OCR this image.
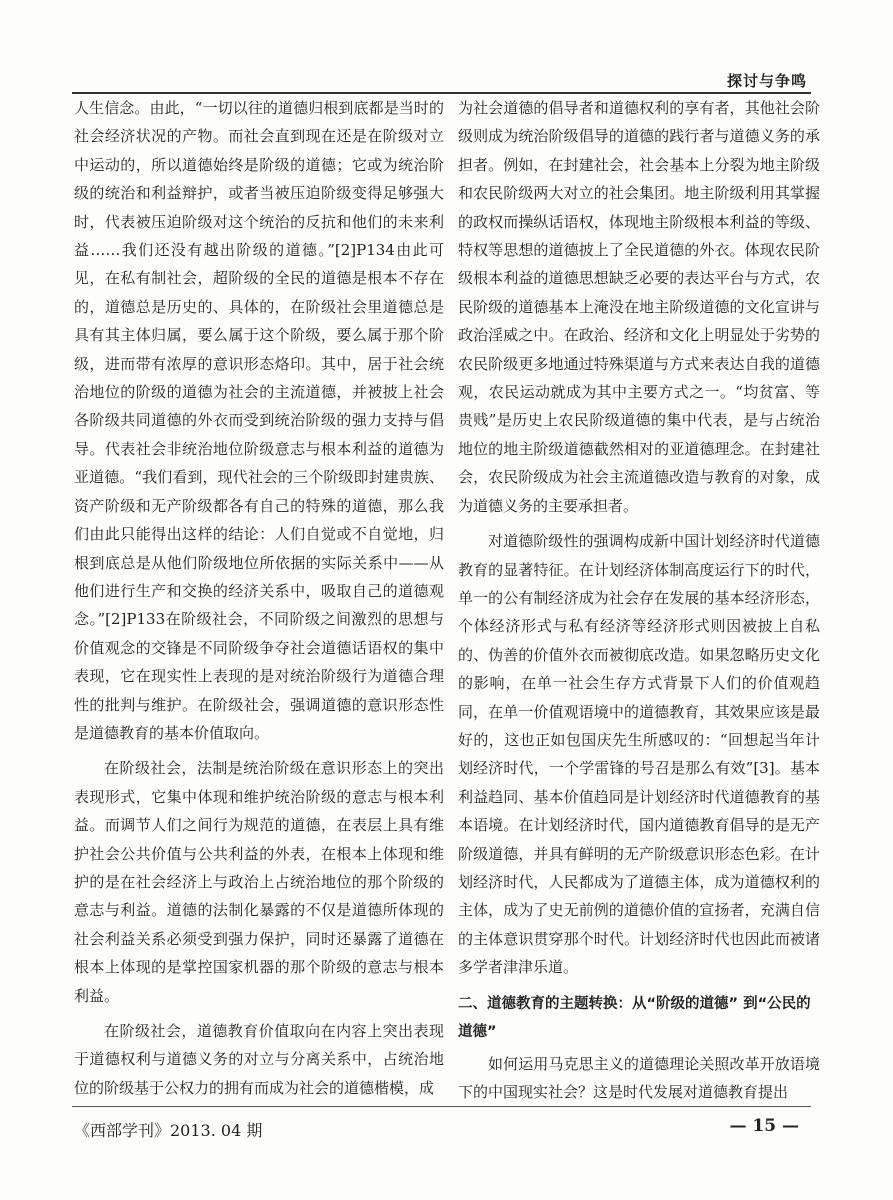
探讨与争鸣

人生信念。由此，“一切以往的道德归根到底都是当时的社会经济状况的产物。而社会直到现在还是在阶级对立中运动的，所以道德始终是阶级的道德；它或为统治阶级的统治和利益辩护，或者当被压迫阶级变得足够强大时，代表被压迫阶级对这个统治的反抗和他们的未来利益……我们还没有越出阶级的道德。”[2]P134由此可见，在私有制社会，超阶级的全民的道德是根本不存在的，道德总是历史的、具体的，在阶级社会里道德总是具有其主体归属，要么属于这个阶级，要么属于那个阶级，进而带有浓厚的意识形态烙印。其中，居于社会统治地位的阶级的道德为社会的主流道德，并被披上社会各阶级共同道德的外衣而受到统治阶级的强力支持与倡导。代表社会非统治地位阶级意志与根本利益的道德为亚道德。“我们看到，现代社会的三个阶级即封建贵族、资产阶级和无产阶级都各有自己的特殊的道德，那么我们由此只能得出这样的结论：人们自觉或不自觉地，归根到底总是从他们阶级地位所依据的实际关系中——从他们进行生产和交换的经济关系中，吸取自己的道德观念。”[2]P133在阶级社会，不同阶级之间激烈的思想与价值观念的交锋是不同阶级争夺社会道德话语权的集中表现，它在现实性上表现的是对统治阶级行为道德合理性的批判与维护。在阶级社会，强调道德的意识形态性是道德教育的基本价值取向。

在阶级社会，法制是统治阶级在意识形态上的突出表现形式，它集中体现和维护统治阶级的意志与根本利益。而调节人们之间行为规范的道德，在表层上具有维护社会公共价值与公共利益的外表，在根本上体现和维护的是在社会经济上与政治上占统治地位的那个阶级的意志与利益。道德的法制化暴露的不仅是道德所体现的社会利益关系必须受到强力保护，同时还暴露了道德在根本上体现的是掌控国家机器的那个阶级的意志与根本利益。

在阶级社会，道德教育价值取向在内容上突出表现于道德权利与道德义务的对立与分离关系中，占统治地位的阶级基于公权力的拥有而成为社会的道德楷模，成

为社会道德的倡导者和道德权利的享有者，其他社会阶级则成为统治阶级倡导的道德的践行者与道德义务的承担者。例如，在封建社会，社会基本上分裂为地主阶级和农民阶级两大对立的社会集团。地主阶级利用其掌握的政权而操纵话语权，体现地主阶级根本利益的等级、特权等思想的道德披上了全民道德的外衣。体现农民阶级根本利益的道德思想缺乏必要的表达平台与方式，农民阶级的道德基本上淹没在地主阶级道德的文化宣讲与政治淫威之中。在政治、经济和文化上明显处于劣势的农民阶级更多地通过特殊渠道与方式来表达自我的道德观，农民运动就成为其中主要方式之一。“均贫富、等贵贱”是历史上农民阶级道德的集中代表，是与占统治地位的地主阶级道德截然相对的亚道德理念。在封建社会，农民阶级成为社会主流道德改造与教育的对象，成为道德义务的主要承担者。

对道德阶级性的强调构成新中国计划经济时代道德教育的显著特征。在计划经济体制高度运行下的时代，单一的公有制经济成为社会存在发展的基本经济形态，个体经济形式与私有经济等经济形式则因被披上自私的、伪善的价值外衣而被彻底改造。如果忽略历史文化的影响，在单一社会生存方式背景下人们的价值观趋同，在单一价值观语境中的道德教育，其效果应该是最好的，这也正如包国庆先生所感叹的：“回想起当年计划经济时代，一个学雷锋的号召是那么有效”[3]。基本利益趋同、基本价值趋同是计划经济时代道德教育的基本语境。在计划经济时代，国内道德教育倡导的是无产阶级道德，并具有鲜明的无产阶级意识形态色彩。在计划经济时代，人民都成为了道德主体，成为道德权利的主体，成为了史无前例的道德价值的宣扬者，充满自信的主体意识贯穿那个时代。计划经济时代也因此而被诸多学者津津乐道。

二、道德教育的主题转换：从“阶级的道德” 到“公民的道德”

如何运用马克思主义的道德理论关照改革开放语境下的中国现实社会？这是时代发展对道德教育提出

《西部学刊》2013. 04 期	— 15 —
